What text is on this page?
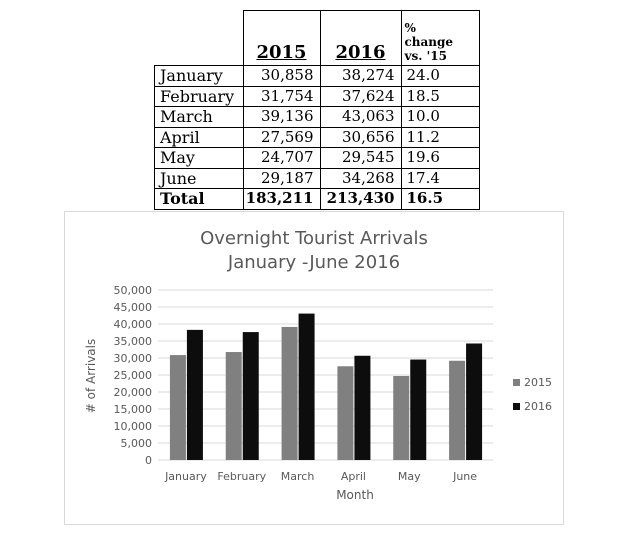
	2015	2016	%
change
vs. '15

January	30,858	38,274	24.0
February	31,754	37,624	18.5
March	39,136	43,063	10.0
April	27,569	30,656	11.2
May	24,707	29,545	19.6
June	29,187	34,268	17.4
Total	183,211	213,430	16.5
Overnight Tourist Arrivals
January -June 2016
0
5,000
10,000
15,000
20,000
25,000
30,000
35,000
40,000
45,000
50,000
January February March April	May	June
Month
# of Arrivals	2015
2016
